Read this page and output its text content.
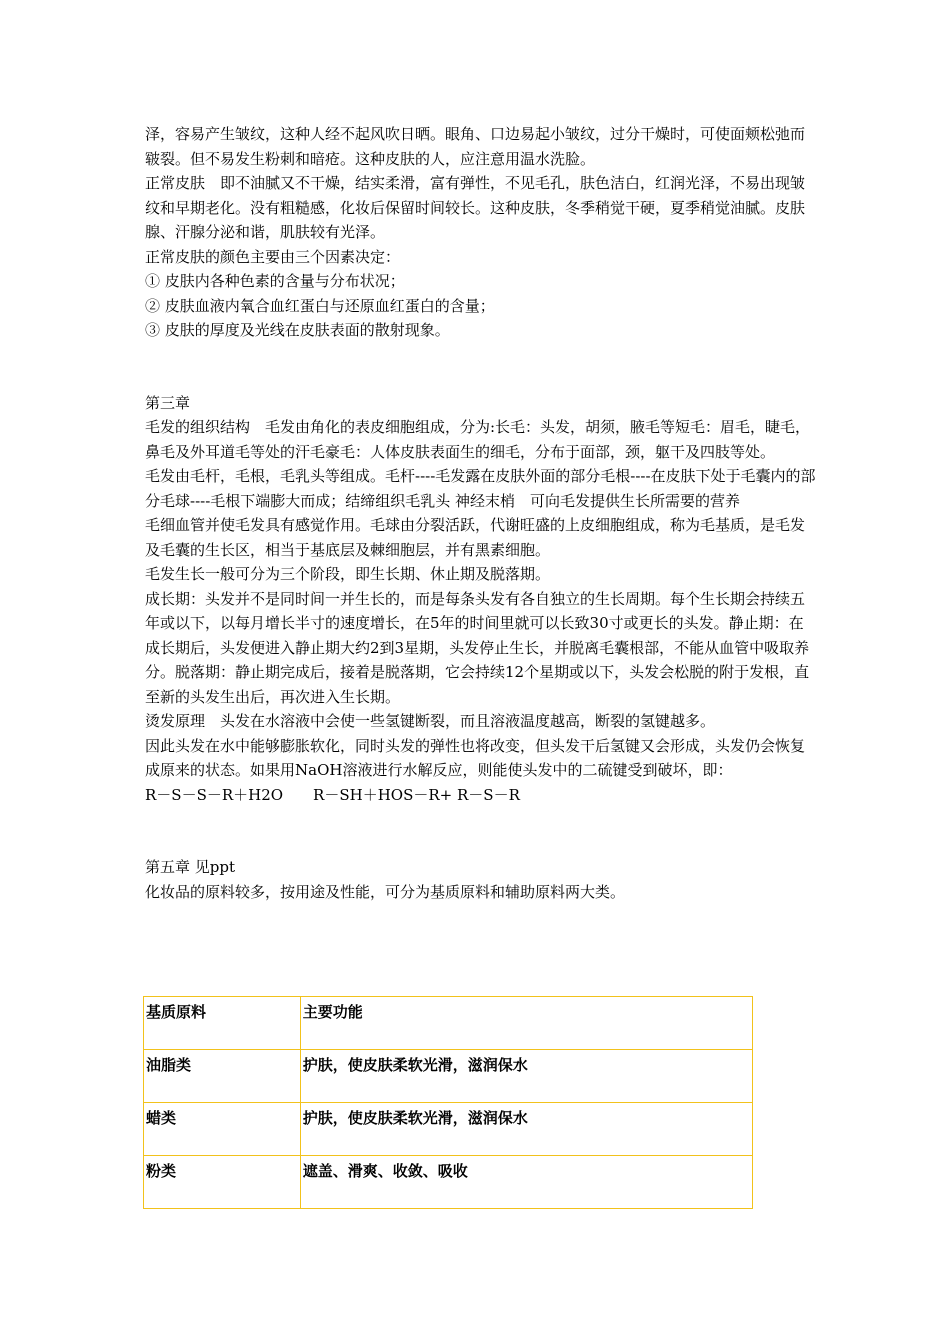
泽，容易产生皱纹，这种人经不起风吹日晒。眼角、口边易起小皱纹，过分干燥时，可使面颊松弛而皲裂。但不易发生粉刺和暗疮。这种皮肤的人，应注意用温水洗脸。

正常皮肤　即不油腻又不干燥，结实柔滑，富有弹性，不见毛孔，肤色洁白，红润光泽，不易出现皱纹和早期老化。没有粗糙感，化妆后保留时间较长。这种皮肤，冬季稍觉干硬，夏季稍觉油腻。皮肤腺、汗腺分泌和谐，肌肤较有光泽。

正常皮肤的颜色主要由三个因素决定：

① 皮肤内各种色素的含量与分布状况；

② 皮肤血液内氧合血红蛋白与还原血红蛋白的含量；

③ 皮肤的厚度及光线在皮肤表面的散射现象。

第三章

毛发的组织结构　毛发由角化的表皮细胞组成，分为:长毛：头发，胡须，腋毛等短毛：眉毛，睫毛，鼻毛及外耳道毛等处的汗毛豪毛：人体皮肤表面生的细毛，分布于面部，颈，躯干及四肢等处。

毛发由毛杆，毛根，毛乳头等组成。毛杆----毛发露在皮肤外面的部分毛根----在皮肤下处于毛囊内的部分毛球----毛根下端膨大而成；结缔组织毛乳头 神经末梢　可向毛发提供生长所需要的营养

毛细血管并使毛发具有感觉作用。毛球由分裂活跃，代谢旺盛的上皮细胞组成，称为毛基质，是毛发及毛囊的生长区，相当于基底层及棘细胞层，并有黑素细胞。

毛发生长一般可分为三个阶段，即生长期、休止期及脱落期。

成长期：头发并不是同时间一并生长的，而是每条头发有各自独立的生长周期。每个生长期会持续五年或以下，以每月增长半寸的速度增长，在5年的时间里就可以长致30寸或更长的头发。静止期：在成长期后，头发便进入静止期大约2到3星期，头发停止生长，并脱离毛囊根部，不能从血管中吸取养分。脱落期：静止期完成后，接着是脱落期，它会持续12个星期或以下，头发会松脱的附于发根，直至新的头发生出后，再次进入生长期。

烫发原理　头发在水溶液中会使一些氢键断裂，而且溶液温度越高，断裂的氢键越多。

因此头发在水中能够膨胀软化，同时头发的弹性也将改变，但头发干后氢键又会形成，头发仍会恢复成原来的状态。如果用NaOH溶液进行水解反应，则能使头发中的二硫键受到破坏，即：

R－S－S－R＋H2O　　R－SH＋HOS－R+ R－S－R

第五章 见ppt

化妆品的原料较多，按用途及性能，可分为基质原料和辅助原料两大类。

基质原料	主要功能
油脂类	护肤，使皮肤柔软光滑，滋润保水
蜡类	护肤，使皮肤柔软光滑，滋润保水
粉类	遮盖、滑爽、收敛、吸收
